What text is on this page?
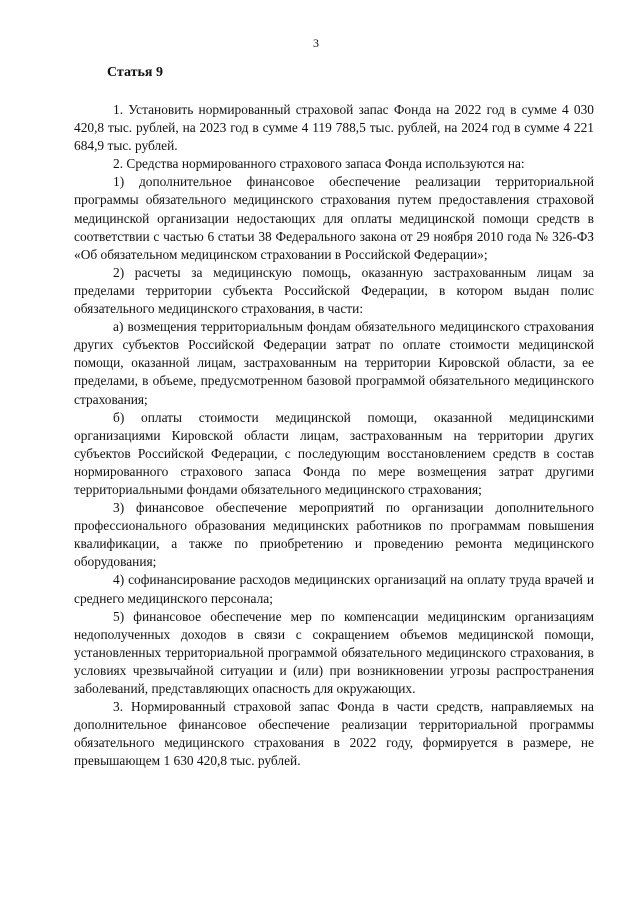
3
Статья 9

1. Установить нормированный страховой запас Фонда на 2022 год в сумме 4 030 420,8 тыс. рублей, на 2023 год в сумме 4 119 788,5 тыс. рублей, на 2024 год в сумме 4 221 684,9 тыс. рублей.

2. Средства нормированного страхового запаса Фонда используются на:

1) дополнительное финансовое обеспечение реализации территориальной программы обязательного медицинского страхования путем предоставления страховой медицинской организации недостающих для оплаты медицинской помощи средств в соответствии с частью 6 статьи 38 Федерального закона от 29 ноября 2010 года № 326-ФЗ «Об обязательном медицинском страховании в Российской Федерации»;

2) расчеты за медицинскую помощь, оказанную застрахованным лицам за пределами территории субъекта Российской Федерации, в котором выдан полис обязательного медицинского страхования, в части:

а) возмещения территориальным фондам обязательного медицинского страхования других субъектов Российской Федерации затрат по оплате стоимости медицинской помощи, оказанной лицам, застрахованным на территории Кировской области, за ее пределами, в объеме, предусмотренном базовой программой обязательного медицинского страхования;

б) оплаты стоимости медицинской помощи, оказанной медицинскими организациями Кировской области лицам, застрахованным на территории других субъектов Российской Федерации, с последующим восстановлением средств в состав нормированного страхового запаса Фонда по мере возмещения затрат другими территориальными фондами обязательного медицинского страхования;

3) финансовое обеспечение мероприятий по организации дополнительного профессионального образования медицинских работников по программам повышения квалификации, а также по приобретению и проведению ремонта медицинского оборудования;

4) софинансирование расходов медицинских организаций на оплату труда врачей и среднего медицинского персонала;

5) финансовое обеспечение мер по компенсации медицинским организациям недополученных доходов в связи с сокращением объемов медицинской помощи, установленных территориальной программой обязательного медицинского страхования, в условиях чрезвычайной ситуации и (или) при возникновении угрозы распространения заболеваний, представляющих опасность для окружающих.

3. Нормированный страховой запас Фонда в части средств, направляемых на дополнительное финансовое обеспечение реализации территориальной программы обязательного медицинского страхования в 2022 году, формируется в размере, не превышающем 1 630 420,8 тыс. рублей.
